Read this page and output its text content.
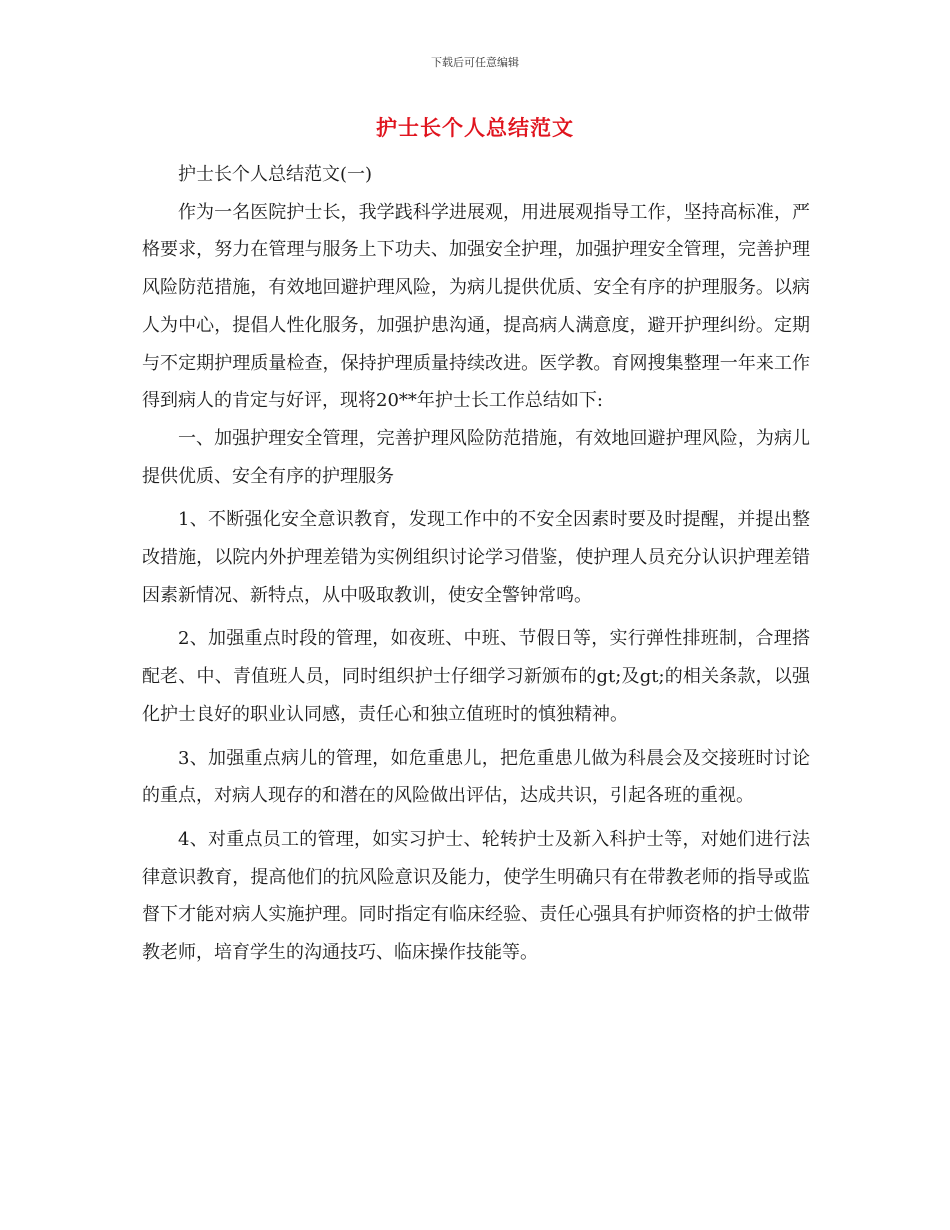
下载后可任意编辑
护士长个人总结范文

护士长个人总结范文(一)

作为一名医院护士长，我学践科学进展观，用进展观指导工作，坚持高标准，严格要求，努力在管理与服务上下功夫、加强安全护理，加强护理安全管理，完善护理风险防范措施，有效地回避护理风险，为病儿提供优质、安全有序的护理服务。以病人为中心，提倡人性化服务，加强护患沟通，提高病人满意度，避开护理纠纷。定期与不定期护理质量检查，保持护理质量持续改进。医学教。育网搜集整理一年来工作得到病人的肯定与好评，现将20**年护士长工作总结如下:

一、加强护理安全管理，完善护理风险防范措施，有效地回避护理风险，为病儿提供优质、安全有序的护理服务

1、不断强化安全意识教育，发现工作中的不安全因素时要及时提醒，并提出整改措施，以院内外护理差错为实例组织讨论学习借鉴，使护理人员充分认识护理差错因素新情况、新特点，从中吸取教训，使安全警钟常鸣。

2、加强重点时段的管理，如夜班、中班、节假日等，实行弹性排班制，合理搭配老、中、青值班人员，同时组织护士仔细学习新颁布的gt;及gt;的相关条款，以强化护士良好的职业认同感，责任心和独立值班时的慎独精神。

3、加强重点病儿的管理，如危重患儿，把危重患儿做为科晨会及交接班时讨论的重点，对病人现存的和潜在的风险做出评估，达成共识，引起各班的重视。

4、对重点员工的管理，如实习护士、轮转护士及新入科护士等，对她们进行法律意识教育，提高他们的抗风险意识及能力，使学生明确只有在带教老师的指导或监督下才能对病人实施护理。同时指定有临床经验、责任心强具有护师资格的护士做带教老师，培育学生的沟通技巧、临床操作技能等。
